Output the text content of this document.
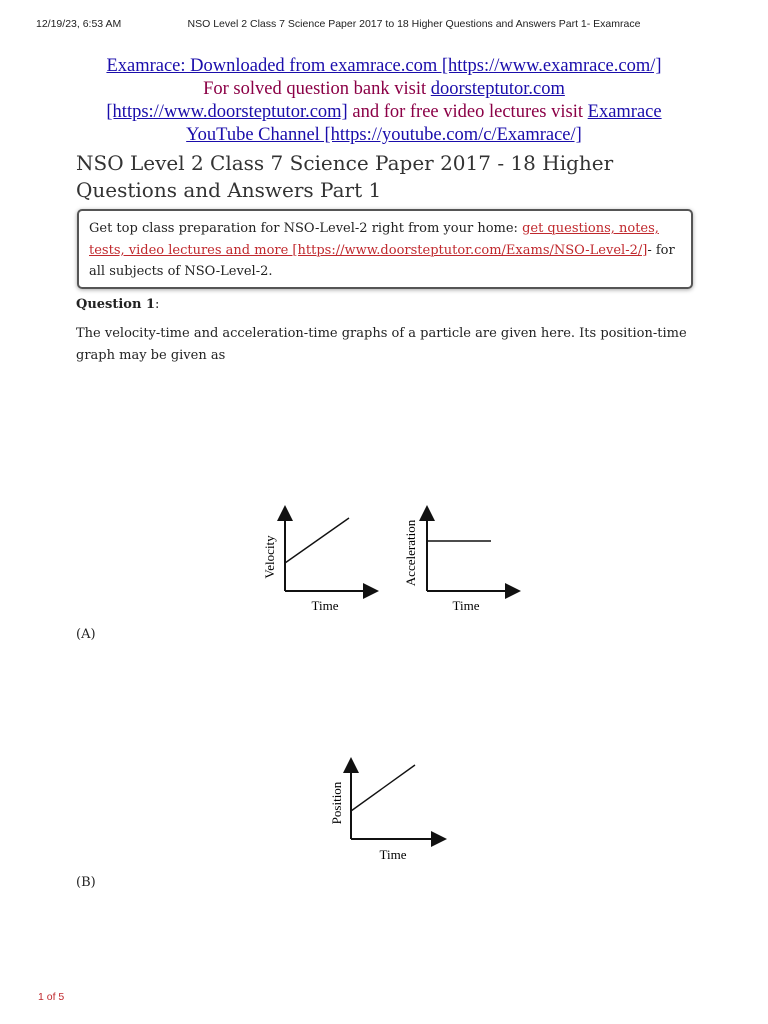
12/19/23, 6:53 AM	NSO Level 2 Class 7 Science Paper 2017 to 18 Higher Questions and Answers Part 1- Examrace
Examrace: Downloaded from examrace.com [https://www.examrace.com/]
For solved question bank visit doorsteptutor.com
[https://www.doorsteptutor.com] and for free video lectures visit Examrace
YouTube Channel [https://youtube.com/c/Examrace/]
NSO Level 2 Class 7 Science Paper 2017 - 18 Higher Questions and Answers Part 1
Get top class preparation for NSO-Level-2 right from your home: get questions, notes, tests, video lectures and more [https://www.doorsteptutor.com/Exams/NSO-Level-2/]- for all subjects of NSO-Level-2.
Question 1:
The velocity-time and acceleration-time graphs of a particle are given here. Its position-time graph may be given as
Velocity
Time
Acceleration
Time
(A)
Position
Time
(B)
1 of 5
